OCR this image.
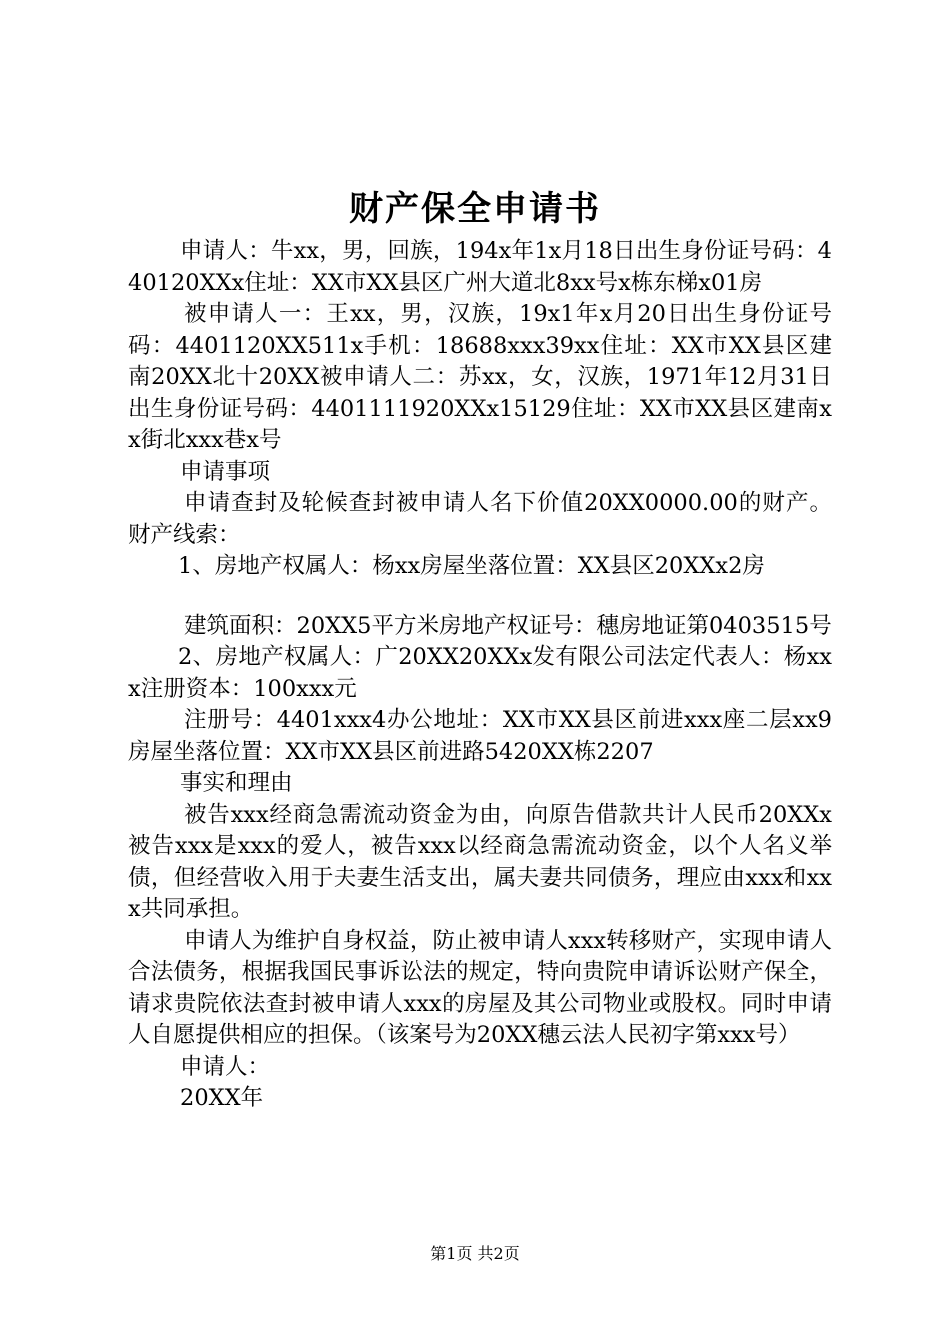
财产保全申请书

申请人：牛xx，男，回族，194x年1x月18日出生身份证号码：440120XXx住址：XX市XX县区广州大道北8xx号x栋东梯x01房

被申请人一：王xx，男，汉族，19x1年x月20日出生身份证号码：4401120XX511x手机：18688xxx39xx住址：XX市XX县区建南20XX北十20XX被申请人二：苏xx，女，汉族，1971年12月31日出生身份证号码：4401111920XXx15129住址：XX市XX县区建南xx街北xxx巷x号

申请事项

申请查封及轮候查封被申请人名下价值20XX0000.00的财产。财产线索：

1、房地产权属人：杨xx房屋坐落位置：XX县区20XXx2房

建筑面积：20XX5平方米房地产权证号：穗房地证第0403515号

2、房地产权属人：广20XX20XXx发有限公司法定代表人：杨xxx注册资本：100xxx元

注册号：4401xxx4办公地址：XX市XX县区前进xxx座二层xx9房屋坐落位置：XX市XX县区前进路5420XX栋2207

事实和理由

被告xxx经商急需流动资金为由，向原告借款共计人民币20XXx被告xxx是xxx的爱人，被告xxx以经商急需流动资金，以个人名义举债，但经营收入用于夫妻生活支出，属夫妻共同债务，理应由xxx和xxx共同承担。

申请人为维护自身权益，防止被申请人xxx转移财产，实现申请人合法债务，根据我国民事诉讼法的规定，特向贵院申请诉讼财产保全，请求贵院依法查封被申请人xxx的房屋及其公司物业或股权。同时申请人自愿提供相应的担保。（该案号为20XX穗云法人民初字第xxx号）

申请人：

20XX年

第1页 共2页
